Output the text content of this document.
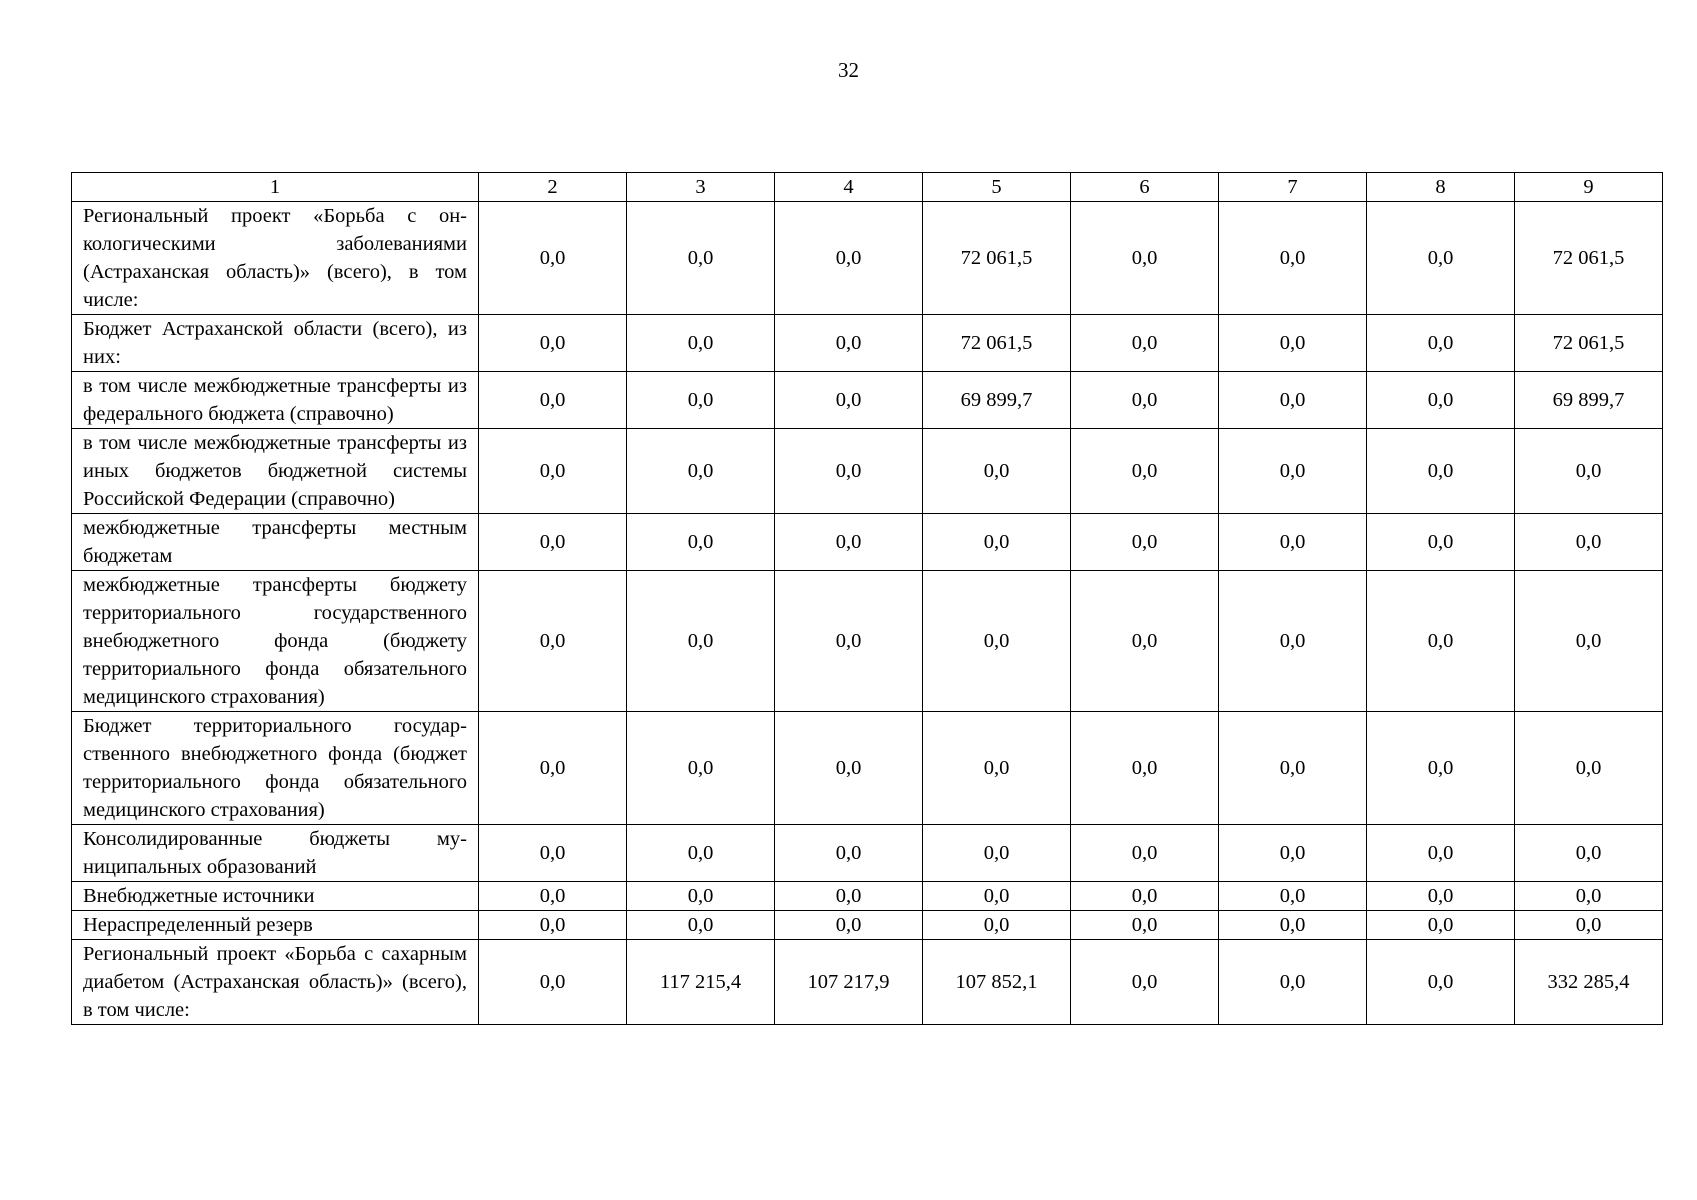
32
1	2	3	4	5	6	7	8	9
Региональный проект «Борьба с онкологическими заболеваниями (Астраханская область)» (всего), в том числе:	0,0	0,0	0,0	72 061,5	0,0	0,0	0,0	72 061,5
Бюджет Астраханской области (всего), из них:	0,0	0,0	0,0	72 061,5	0,0	0,0	0,0	72 061,5
в том числе межбюджетные трансферты из федерального бюджета (справочно)	0,0	0,0	0,0	69 899,7	0,0	0,0	0,0	69 899,7
в том числе межбюджетные трансферты из иных бюджетов бюджетной системы Российской Федерации (справочно)	0,0	0,0	0,0	0,0	0,0	0,0	0,0	0,0
межбюджетные трансферты местным бюджетам	0,0	0,0	0,0	0,0	0,0	0,0	0,0	0,0
межбюджетные трансферты бюджету территориального государственного внебюджетного фонда (бюджету территориального фонда обязательного медицинского страхования)	0,0	0,0	0,0	0,0	0,0	0,0	0,0	0,0
Бюджет территориального государственного внебюджетного фонда (бюджет территориального фонда обязательного медицинского страхования)	0,0	0,0	0,0	0,0	0,0	0,0	0,0	0,0
Консолидированные бюджеты муниципальных образований	0,0	0,0	0,0	0,0	0,0	0,0	0,0	0,0
Внебюджетные источники	0,0	0,0	0,0	0,0	0,0	0,0	0,0	0,0
Нераспределенный резерв	0,0	0,0	0,0	0,0	0,0	0,0	0,0	0,0
Региональный проект «Борьба с сахарным диабетом (Астраханская область)» (всего), в том числе:	0,0	117 215,4	107 217,9	107 852,1	0,0	0,0	0,0	332 285,4
